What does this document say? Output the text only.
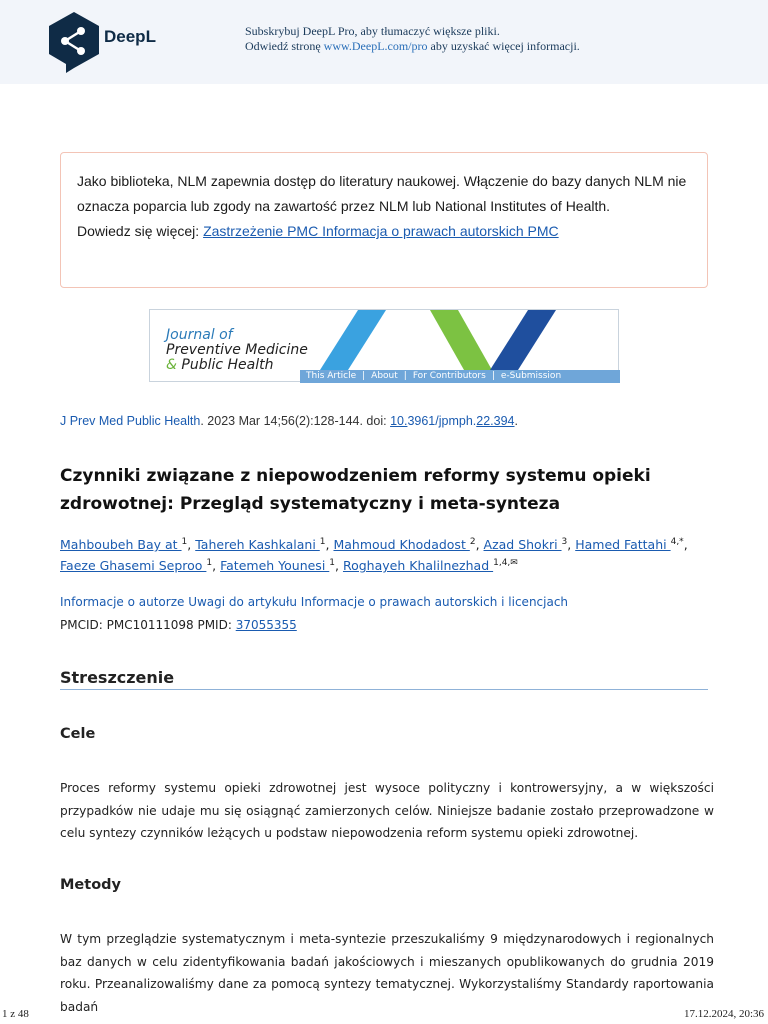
DeepL	Subskrybuj DeepL Pro, aby tłumaczyć większe pliki.
Odwiedź stronę www.DeepL.com/pro aby uzyskać więcej informacji.
Jako biblioteka, NLM zapewnia dostęp do literatury naukowej. Włączenie do bazy danych NLM nie
oznacza poparcia lub zgody na zawartość przez NLM lub National Institutes of Health.
Dowiedz się więcej: Zastrzeżenie PMC Informacja o prawach autorskich PMC
Journal of
Preventive Medicine
& Public Health
This Article | About | For Contributors | e-Submission
J Prev Med Public Health. 2023 Mar 14;56(2):128-144. doi: 10.3961/jpmph.22.394.
Czynniki związane z niepowodzeniem reformy systemu opieki zdrowotnej: Przegląd systematyczny i meta-synteza
Mahboubeh Bay at $^1$, Tahereh Kashkalani $^1$, Mahmoud Khodadost $^2$, Azad Shokri $^3$, Hamed Fattahi $^{4,*}$, Faeze Ghasemi Seproo $^1$, Fatemeh Younesi $^1$, Roghayeh Khalilnezhad $^{1,4,✉}$
Informacje o autorze Uwagi do artykułu Informacje o prawach autorskich i licencjach
PMCID: PMC10111098 PMID: 37055355
Streszczenie
Cele

Proces reformy systemu opieki zdrowotnej jest wysoce polityczny i kontrowersyjny, a w większości przypadków nie udaje mu się osiągnąć zamierzonych celów. Niniejsze badanie zostało przeprowadzone w celu syntezy czynników leżących u podstaw niepowodzenia reform systemu opieki zdrowotnej.

Metody

W tym przeglądzie systematycznym i meta-syntezie przeszukaliśmy 9 międzynarodowych i regionalnych baz danych w celu zidentyfikowania badań jakościowych i mieszanych opublikowanych do grudnia 2019 roku. Przeanalizowaliśmy dane za pomocą syntezy tematycznej. Wykorzystaliśmy Standardy raportowania badań

1 z 48	17.12.2024, 20:36
